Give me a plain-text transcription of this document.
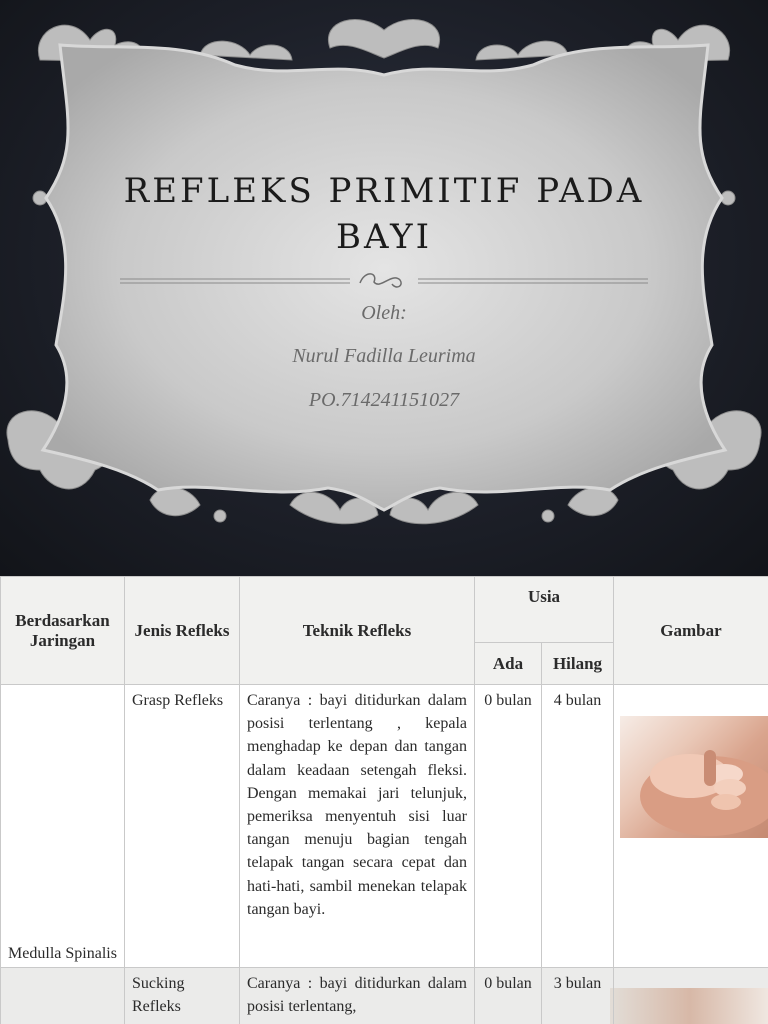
REFLEKS PRIMITIF PADA BAYI
Oleh:
Nurul Fadilla Leurima
PO.714241151027
Berdasarkan Jaringan	Jenis Refleks	Teknik Refleks	Usia		Gambar
			Ada	Hilang	

Medulla Spinalis	Grasp Refleks	Caranya : bayi ditidurkan dalam posisi terlentang , kepala menghadap ke depan dan tangan dalam keadaan setengah fleksi. Dengan memakai jari telunjuk, pemeriksa menyentuh sisi luar tangan menuju bagian tengah telapak tangan secara cepat dan hati-hati, sambil menekan telapak tangan bayi.	0 bulan	4 bulan

	Sucking Refleks	Caranya : bayi ditidurkan dalam posisi terlentang,	0 bulan	3 bulan	
